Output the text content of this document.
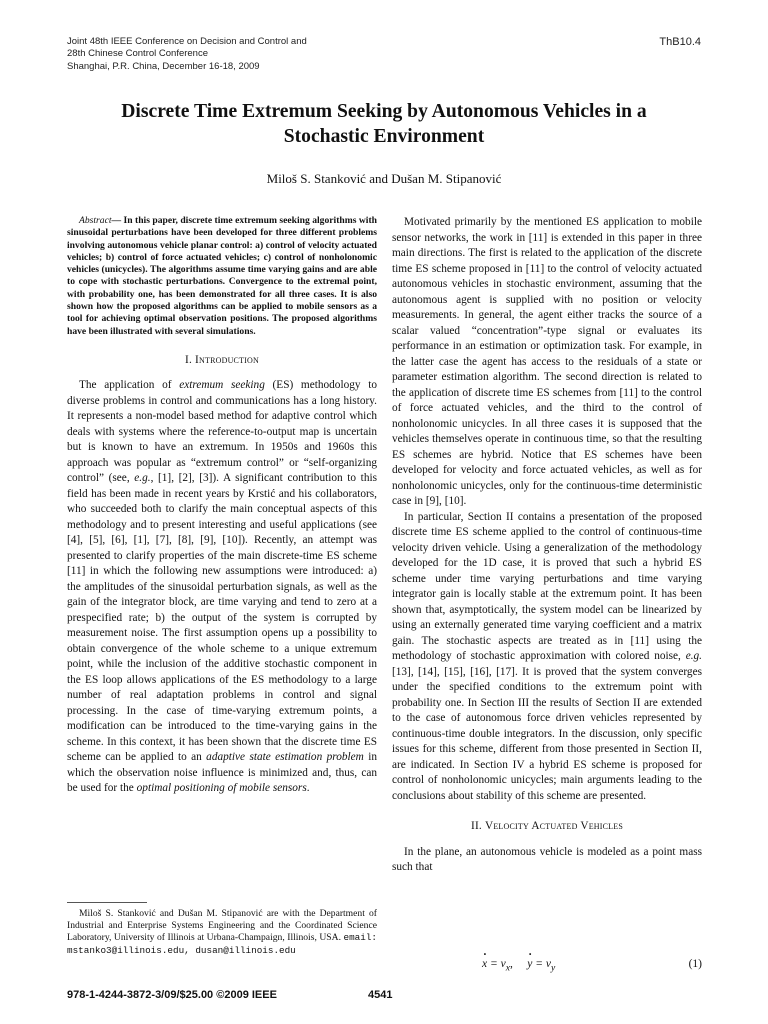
Joint 48th IEEE Conference on Decision and Control and
28th Chinese Control Conference
Shanghai, P.R. China, December 16-18, 2009
ThB10.4
Discrete Time Extremum Seeking by Autonomous Vehicles in a
Stochastic Environment
Miloš S. Stanković and Dušan M. Stipanović

Abstract— In this paper, discrete time extremum seeking algorithms with sinusoidal perturbations have been developed for three different problems involving autonomous vehicle planar control: a) control of velocity actuated vehicles; b) control of force actuated vehicles; c) control of nonholonomic vehicles (unicycles). The algorithms assume time varying gains and are able to cope with stochastic perturbations. Convergence to the extremal point, with probability one, has been demonstrated for all three cases. It is also shown how the proposed algorithms can be applied to mobile sensors as a tool for achieving optimal observation positions. The proposed algorithms have been illustrated with several simulations.

I. Introduction

The application of extremum seeking (ES) methodology to diverse problems in control and communications has a long history. It represents a non-model based method for adaptive control which deals with systems where the reference-to-output map is uncertain but is known to have an extremum. In 1950s and 1960s this approach was popular as “extremum control” or “self-organizing control” (see, e.g., [1], [2], [3]). A significant contribution to this field has been made in recent years by Krstić and his collaborators, who succeeded both to clarify the main conceptual aspects of this methodology and to present interesting and useful applications (see [4], [5], [6], [1], [7], [8], [9], [10]). Recently, an attempt was presented to clarify properties of the main discrete-time ES scheme [11] in which the following new assumptions were introduced: a) the amplitudes of the sinusoidal perturbation signals, as well as the gain of the integrator block, are time varying and tend to zero at a prespecified rate; b) the output of the system is corrupted by measurement noise. The first assumption opens up a possibility to obtain convergence of the whole scheme to a unique extremum point, while the inclusion of the additive stochastic component in the ES loop allows applications of the ES methodology to a large number of real adaptation problems in control and signal processing. In the case of time-varying extremum points, a modification can be introduced to the time-varying gains in the scheme. In this context, it has been shown that the discrete time ES scheme can be applied to an adaptive state estimation problem in which the observation noise influence is minimized and, thus, can be used for the optimal positioning of mobile sensors.

Miloš S. Stanković and Dušan M. Stipanović are with the Department of Industrial and Enterprise Systems Engineering and the Coordinated Science Laboratory, University of Illinois at Urbana-Champaign, Illinois, USA. email: mstanko3@illinois.edu, dusan@illinois.edu

Motivated primarily by the mentioned ES application to mobile sensor networks, the work in [11] is extended in this paper in three main directions. The first is related to the application of the discrete time ES scheme proposed in [11] to the control of velocity actuated autonomous vehicles in stochastic environment, assuming that the autonomous agent is supplied with no position or velocity measurements. In general, the agent either tracks the source of a scalar valued “concentration”-type signal or evaluates its performance in an estimation or optimization task. For example, in the latter case the agent has access to the residuals of a state or parameter estimation algorithm. The second direction is related to the application of discrete time ES schemes from [11] to the control of force actuated vehicles, and the third to the control of nonholonomic unicycles. In all three cases it is supposed that the vehicles themselves operate in continuous time, so that the resulting ES schemes are hybrid. Notice that ES schemes have been developed for velocity and force actuated vehicles, as well as for nonholonomic unicycles, only for the continuous-time deterministic case in [9], [10].

In particular, Section II contains a presentation of the proposed discrete time ES scheme applied to the control of continuous-time velocity driven vehicle. Using a generalization of the methodology developed for the 1D case, it is proved that such a hybrid ES scheme under time varying perturbations and time varying integrator gain is locally stable at the extremum point. It has been shown that, asymptotically, the system model can be linearized by using an externally generated time varying coefficient and a matrix gain. The stochastic aspects are treated as in [11] using the methodology of stochastic approximation with colored noise, e.g. [13], [14], [15], [16], [17]. It is proved that the system converges under the specified conditions to the extremum point with probability one. In Section III the results of Section II are extended to the case of autonomous force driven vehicles represented by continuous-time double integrators. In the discussion, only specific issues for this scheme, different from those presented in Section II, are indicated. In Section IV a hybrid ES scheme is proposed for control of nonholonomic unicycles; main arguments leading to the conclusions about stability of this scheme are presented.

II. Velocity Actuated Vehicles

In the plane, an autonomous vehicle is modeled as a point mass such that

· $x = v_x$,     · $y = v_y$	(1)
978-1-4244-3872-3/09/$25.00 ©2009 IEEE	4541
